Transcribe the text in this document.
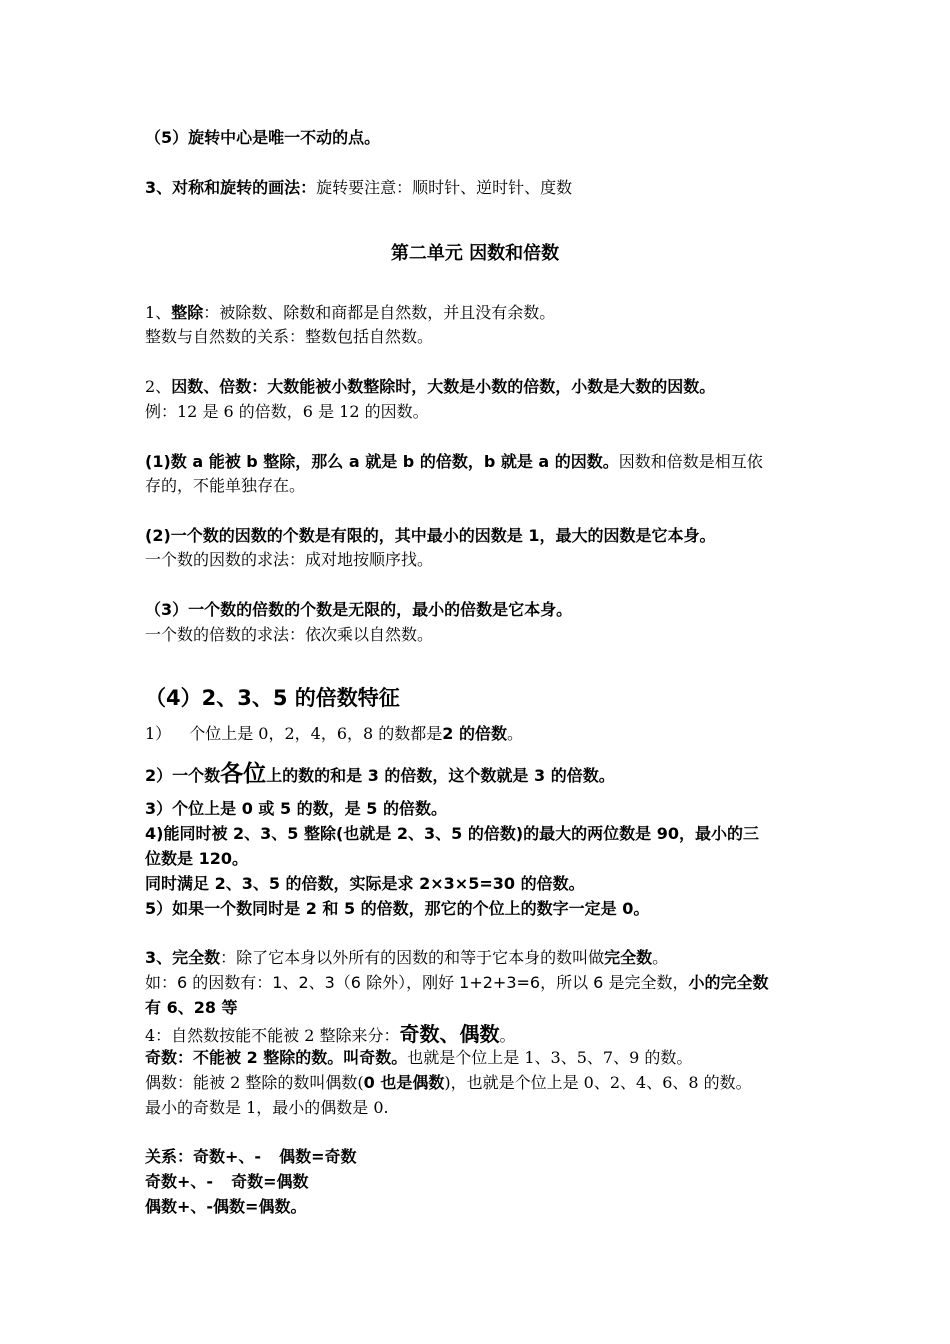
（5）旋转中心是唯一不动的点。
3、对称和旋转的画法：旋转要注意：顺时针、逆时针、度数
第二单元 因数和倍数
1、整除：被除数、除数和商都是自然数，并且没有余数。
整数与自然数的关系：整数包括自然数。
2、因数、倍数：大数能被小数整除时，大数是小数的倍数，小数是大数的因数。
例：12 是 6 的倍数，6 是 12 的因数。
(1)数 a 能被 b 整除，那么 a 就是 b 的倍数，b 就是 a 的因数。因数和倍数是相互依
存的，不能单独存在。
(2)一个数的因数的个数是有限的，其中最小的因数是 1，最大的因数是它本身。
一个数的因数的求法：成对地按顺序找。
（3）一个数的倍数的个数是无限的，最小的倍数是它本身。
一个数的倍数的求法：依次乘以自然数。
（4）2、3、5 的倍数特征
1） 个位上是 0，2，4，6，8 的数都是2 的倍数。
2）一个数各位上的数的和是 3 的倍数，这个数就是 3 的倍数。
3）个位上是 0 或 5 的数，是 5 的倍数。
4)能同时被 2、3、5 整除(也就是 2、3、5 的倍数)的最大的两位数是 90，最小的三
位数是 120。
同时满足 2、3、5 的倍数，实际是求 2×3×5=30 的倍数。
5）如果一个数同时是 2 和 5 的倍数，那它的个位上的数字一定是 0。
3、完全数：除了它本身以外所有的因数的和等于它本身的数叫做完全数。
如：6 的因数有：1、2、3（6 除外），刚好 1+2+3=6，所以 6 是完全数，小的完全数
有 6、28 等
4：自然数按能不能被 2 整除来分：奇数、偶数。
奇数：不能被 2 整除的数。叫奇数。也就是个位上是 1、3、5、7、9 的数。
偶数：能被 2 整除的数叫偶数(0 也是偶数)，也就是个位上是 0、2、4、6、8 的数。
最小的奇数是 1，最小的偶数是 0.
关系：奇数+、- 偶数=奇数
奇数+、- 奇数=偶数
偶数+、-偶数=偶数。
